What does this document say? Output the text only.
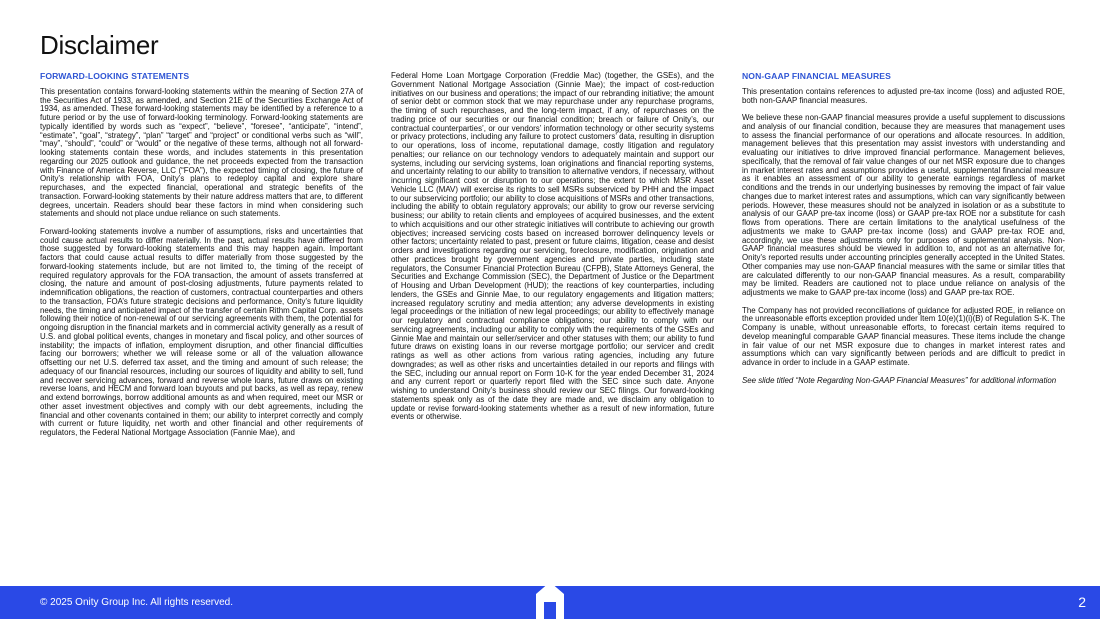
Disclaimer
FORWARD-LOOKING STATEMENTS

This presentation contains forward-looking statements within the meaning of Section 27A of the Securities Act of 1933, as amended, and Section 21E of the Securities Exchange Act of 1934, as amended. These forward-looking statements may be identified by a reference to a future period or by the use of forward-looking terminology. Forward-looking statements are typically identified by words such as “expect”, “believe”, “foresee”, “anticipate”, “intend”, “estimate”, “goal”, “strategy”, “plan” “target” and “project” or conditional verbs such as “will”, “may”, “should”, “could” or “would” or the negative of these terms, although not all forward-looking statements contain these words, and includes statements in this presentation regarding our 2025 outlook and guidance, the net proceeds expected from the transaction with Finance of America Reverse, LLC (“FOA”), the expected timing of closing, the future of Onity’s relationship with FOA, Onity’s plans to redeploy capital and explore share repurchases, and the expected financial, operational and strategic benefits of the transaction. Forward-looking statements by their nature address matters that are, to different degrees, uncertain. Readers should bear these factors in mind when considering such statements and should not place undue reliance on such statements.

Forward-looking statements involve a number of assumptions, risks and uncertainties that could cause actual results to differ materially. In the past, actual results have differed from those suggested by forward-looking statements and this may happen again. Important factors that could cause actual results to differ materially from those suggested by the forward-looking statements include, but are not limited to, the timing of the receipt of required regulatory approvals for the FOA transaction, the amount of assets transferred at closing, the nature and amount of post-closing adjustments, future payments related to indemnification obligations, the reaction of customers, contractual counterparties and others to the transaction, FOA’s future strategic decisions and performance, Onity’s future liquidity needs, the timing and anticipated impact of the transfer of certain Rithm Capital Corp. assets following their notice of non-renewal of our servicing agreements with them, the potential for ongoing disruption in the financial markets and in commercial activity generally as a result of U.S. and global political events, changes in monetary and fiscal policy, and other sources of instability; the impacts of inflation, employment disruption, and other financial difficulties facing our borrowers; whether we will release some or all of the valuation allowance offsetting our net U.S. deferred tax asset, and the timing and amount of such release; the adequacy of our financial resources, including our sources of liquidity and ability to sell, fund and recover servicing advances, forward and reverse whole loans, future draws on existing reverse loans, and HECM and forward loan buyouts and put backs, as well as repay, renew and extend borrowings, borrow additional amounts as and when required, meet our MSR or other asset investment objectives and comply with our debt agreements, including the financial and other covenants contained in them; our ability to interpret correctly and comply with current or future liquidity, net worth and other financial and other requirements of regulators, the Federal National Mortgage Association (Fannie Mae), and

Federal Home Loan Mortgage Corporation (Freddie Mac) (together, the GSEs), and the Government National Mortgage Association (Ginnie Mae); the impact of cost-reduction initiatives on our business and operations; the impact of our rebranding initiative; the amount of senior debt or common stock that we may repurchase under any repurchase programs, the timing of such repurchases, and the long-term impact, if any, of repurchases on the trading price of our securities or our financial condition; breach or failure of Onity’s, our contractual counterparties’, or our vendors’ information technology or other security systems or privacy protections, including any failure to protect customers’ data, resulting in disruption to our operations, loss of income, reputational damage, costly litigation and regulatory penalties; our reliance on our technology vendors to adequately maintain and support our systems, including our servicing systems, loan originations and financial reporting systems, and uncertainty relating to our ability to transition to alternative vendors, if necessary, without incurring significant cost or disruption to our operations; the extent to which MSR Asset Vehicle LLC (MAV) will exercise its rights to sell MSRs subserviced by PHH and the impact to our subservicing portfolio; our ability to close acquisitions of MSRs and other transactions, including the ability to obtain regulatory approvals; our ability to grow our reverse servicing business; our ability to retain clients and employees of acquired businesses, and the extent to which acquisitions and our other strategic initiatives will contribute to achieving our growth objectives; increased servicing costs based on increased borrower delinquency levels or other factors; uncertainty related to past, present or future claims, litigation, cease and desist orders and investigations regarding our servicing, foreclosure, modification, origination and other practices brought by government agencies and private parties, including state regulators, the Consumer Financial Protection Bureau (CFPB), State Attorneys General, the Securities and Exchange Commission (SEC), the Department of Justice or the Department of Housing and Urban Development (HUD); the reactions of key counterparties, including lenders, the GSEs and Ginnie Mae, to our regulatory engagements and litigation matters; increased regulatory scrutiny and media attention; any adverse developments in existing legal proceedings or the initiation of new legal proceedings; our ability to effectively manage our regulatory and contractual compliance obligations; our ability to comply with our servicing agreements, including our ability to comply with the requirements of the GSEs and Ginnie Mae and maintain our seller/servicer and other statuses with them; our ability to fund future draws on existing loans in our reverse mortgage portfolio; our servicer and credit ratings as well as other actions from various rating agencies, including any future downgrades; as well as other risks and uncertainties detailed in our reports and filings with the SEC, including our annual report on Form 10-K for the year ended December 31, 2024 and any current report or quarterly report filed with the SEC since such date. Anyone wishing to understand Onity’s business should review our SEC filings. Our forward-looking statements speak only as of the date they are made and, we disclaim any obligation to update or revise forward-looking statements whether as a result of new information, future events or otherwise.

NON-GAAP FINANCIAL MEASURES

This presentation contains references to adjusted pre-tax income (loss) and adjusted ROE, both non-GAAP financial measures.

We believe these non-GAAP financial measures provide a useful supplement to discussions and analysis of our financial condition, because they are measures that management uses to assess the financial performance of our operations and allocate resources. In addition, management believes that this presentation may assist investors with understanding and evaluating our initiatives to drive improved financial performance. Management believes, specifically, that the removal of fair value changes of our net MSR exposure due to changes in market interest rates and assumptions provides a useful, supplemental financial measure as it enables an assessment of our ability to generate earnings regardless of market conditions and the trends in our underlying businesses by removing the impact of fair value changes due to market interest rates and assumptions, which can vary significantly between periods. However, these measures should not be analyzed in isolation or as a substitute to analysis of our GAAP pre-tax income (loss) or GAAP pre-tax ROE nor a substitute for cash flows from operations. There are certain limitations to the analytical usefulness of the adjustments we make to GAAP pre-tax income (loss) and GAAP pre-tax ROE and, accordingly, we use these adjustments only for purposes of supplemental analysis. Non-GAAP financial measures should be viewed in addition to, and not as an alternative for, Onity’s reported results under accounting principles generally accepted in the United States. Other companies may use non-GAAP financial measures with the same or similar titles that are calculated differently to our non-GAAP financial measures. As a result, comparability may be limited. Readers are cautioned not to place undue reliance on analysis of the adjustments we make to GAAP pre-tax income (loss) and GAAP pre-tax ROE.

The Company has not provided reconciliations of guidance for adjusted ROE, in reliance on the unreasonable efforts exception provided under Item 10(e)(1)(i)(B) of Regulation S-K. The Company is unable, without unreasonable efforts, to forecast certain items required to develop meaningful comparable GAAP financial measures. These items include the change in fair value of our net MSR exposure due to changes in market interest rates and assumptions which can vary significantly between periods and are difficult to predict in advance in order to include in a GAAP estimate.

See slide titled “Note Regarding Non-GAAP Financial Measures” for additional information

© 2025 Onity Group Inc. All rights reserved.	2
